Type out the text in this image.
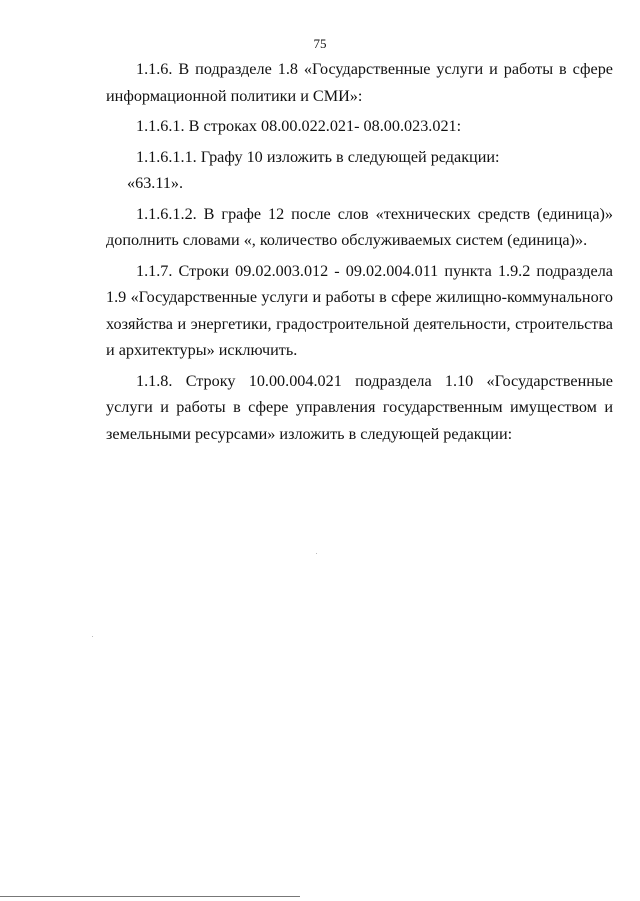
75

1.1.6. В подразделе 1.8 «Государственные услуги и работы в сфере информационной политики и СМИ»:

1.1.6.1. В строках 08.00.022.021- 08.00.023.021:

1.1.6.1.1. Графу 10 изложить в следующей редакции:

«63.11».

1.1.6.1.2. В графе 12 после слов «технических средств (единица)» дополнить словами «, количество обслуживаемых систем (единица)».

1.1.7. Строки 09.02.003.012 - 09.02.004.011 пункта 1.9.2 подраздела 1.9 «Государственные услуги и работы в сфере жилищно-коммунального хозяйства и энергетики, градостроительной деятельности, строительства и архитектуры» исключить.

1.1.8. Строку 10.00.004.021 подраздела 1.10 «Государственные услуги и работы в сфере управления государственным имуществом и земельными ресурсами» изложить в следующей редакции:
